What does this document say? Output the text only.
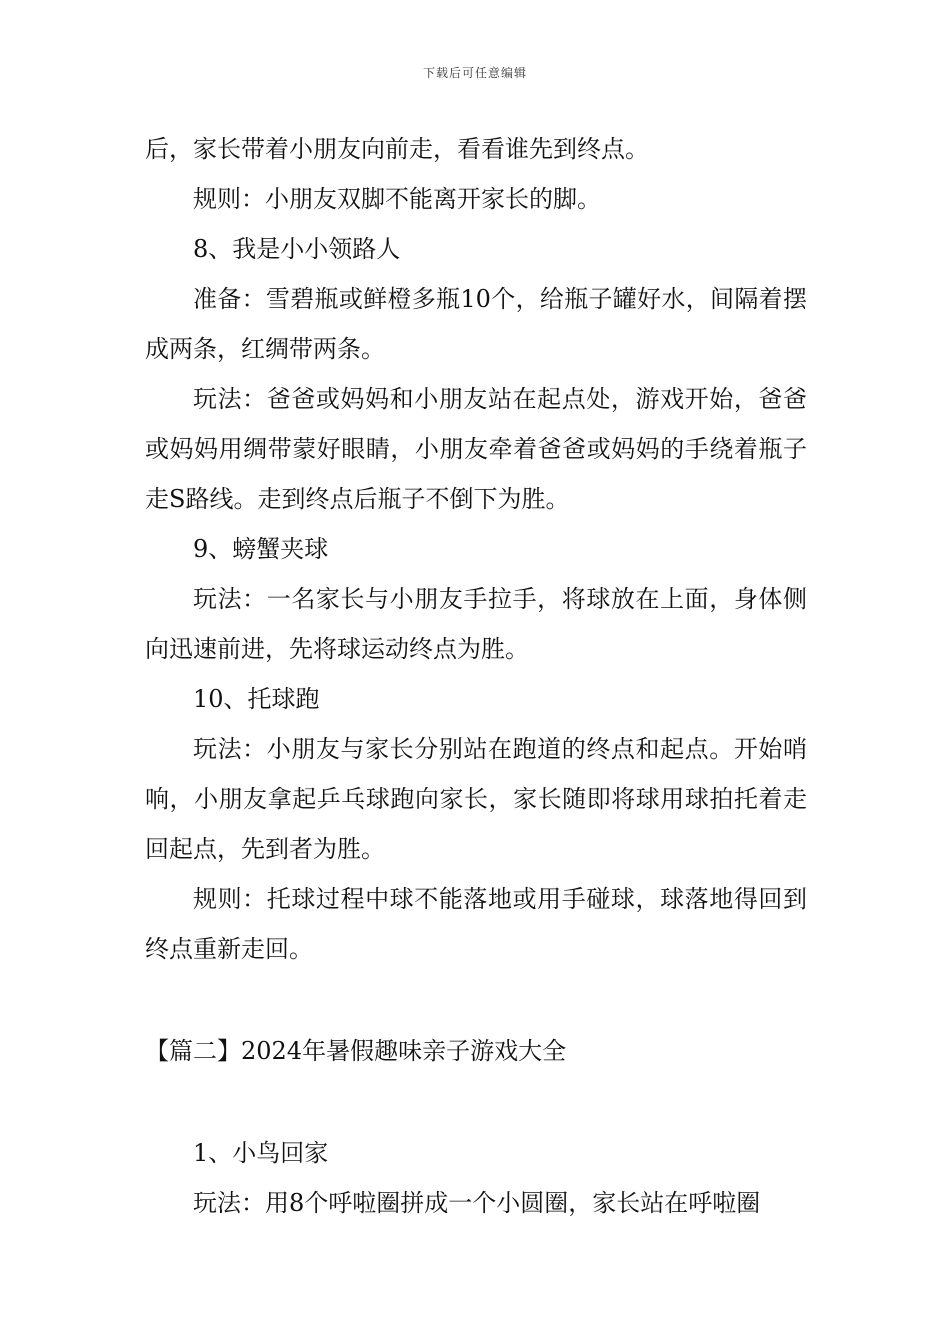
下载后可任意编辑

后，家长带着小朋友向前走，看看谁先到终点。

规则：小朋友双脚不能离开家长的脚。

8、我是小小领路人

准备：雪碧瓶或鲜橙多瓶10个，给瓶子罐好水，间隔着摆成两条，红绸带两条。

玩法：爸爸或妈妈和小朋友站在起点处，游戏开始，爸爸或妈妈用绸带蒙好眼睛，小朋友牵着爸爸或妈妈的手绕着瓶子走S路线。走到终点后瓶子不倒下为胜。

9、螃蟹夹球

玩法：一名家长与小朋友手拉手，将球放在上面，身体侧向迅速前进，先将球运动终点为胜。

10、托球跑

玩法：小朋友与家长分别站在跑道的终点和起点。开始哨响，小朋友拿起乒乓球跑向家长，家长随即将球用球拍托着走回起点，先到者为胜。

规则：托球过程中球不能落地或用手碰球，球落地得回到终点重新走回。

【篇二】2024年暑假趣味亲子游戏大全

1、小鸟回家

玩法：用8个呼啦圈拼成一个小圆圈，家长站在呼啦圈
